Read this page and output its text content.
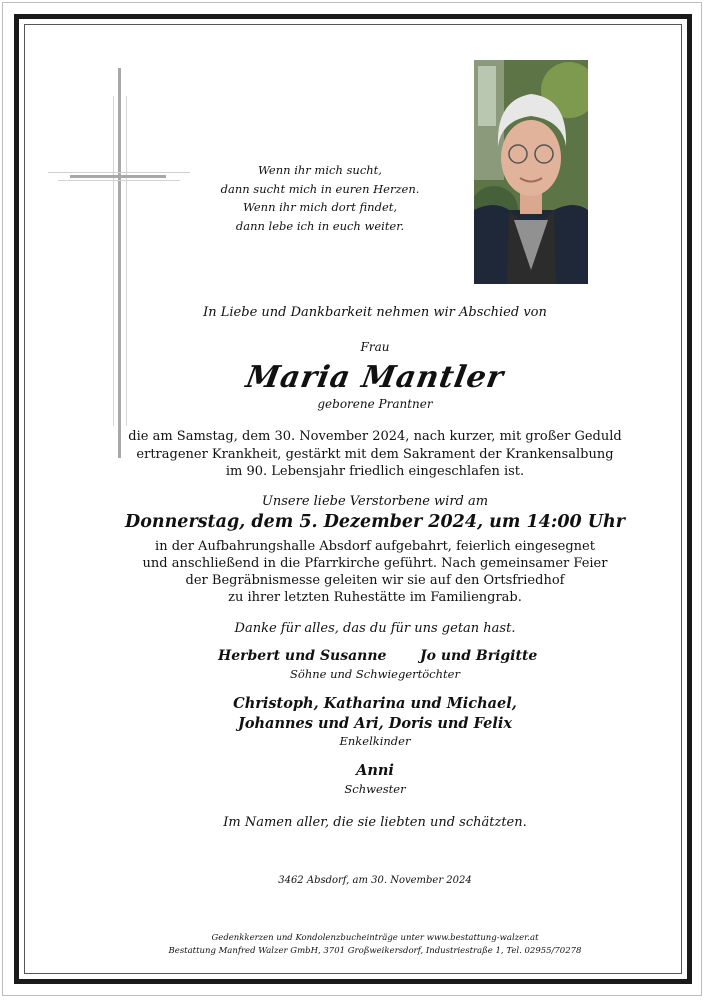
Wenn ihr mich sucht,
dann sucht mich in euren Herzen.
Wenn ihr mich dort findet,
dann lebe ich in euch weiter.
In Liebe und Dankbarkeit nehmen wir Abschied von
Frau
Maria Mantler
geborene Prantner
die am Samstag, dem 30. November 2024, nach kurzer, mit großer Geduld
ertragener Krankheit, gestärkt mit dem Sakrament der Krankensalbung
im 90. Lebensjahr friedlich eingeschlafen ist.
Unsere liebe Verstorbene wird am
Donnerstag, dem 5. Dezember 2024, um 14:00 Uhr
in der Aufbahrungshalle Absdorf aufgebahrt, feierlich eingesegnet
und anschließend in die Pfarrkirche geführt. Nach gemeinsamer Feier
der Begräbnismesse geleiten wir sie auf den Ortsfriedhof
zu ihrer letzten Ruhestätte im Familiengrab.
Danke für alles, das du für uns getan hast.
Herbert und Susanne Jo und Brigitte
Söhne und Schwiegertöchter
Christoph, Katharina und Michael,
Johannes und Ari, Doris und Felix
Enkelkinder
Anni
Schwester
Im Namen aller, die sie liebten und schätzten.
3462 Absdorf, am 30. November 2024
Gedenkkerzen und Kondolenzbucheinträge unter www.bestattung-walzer.at
Bestattung Manfred Walzer GmbH, 3701 Großweikersdorf, Industriestraße 1, Tel. 02955/70278
